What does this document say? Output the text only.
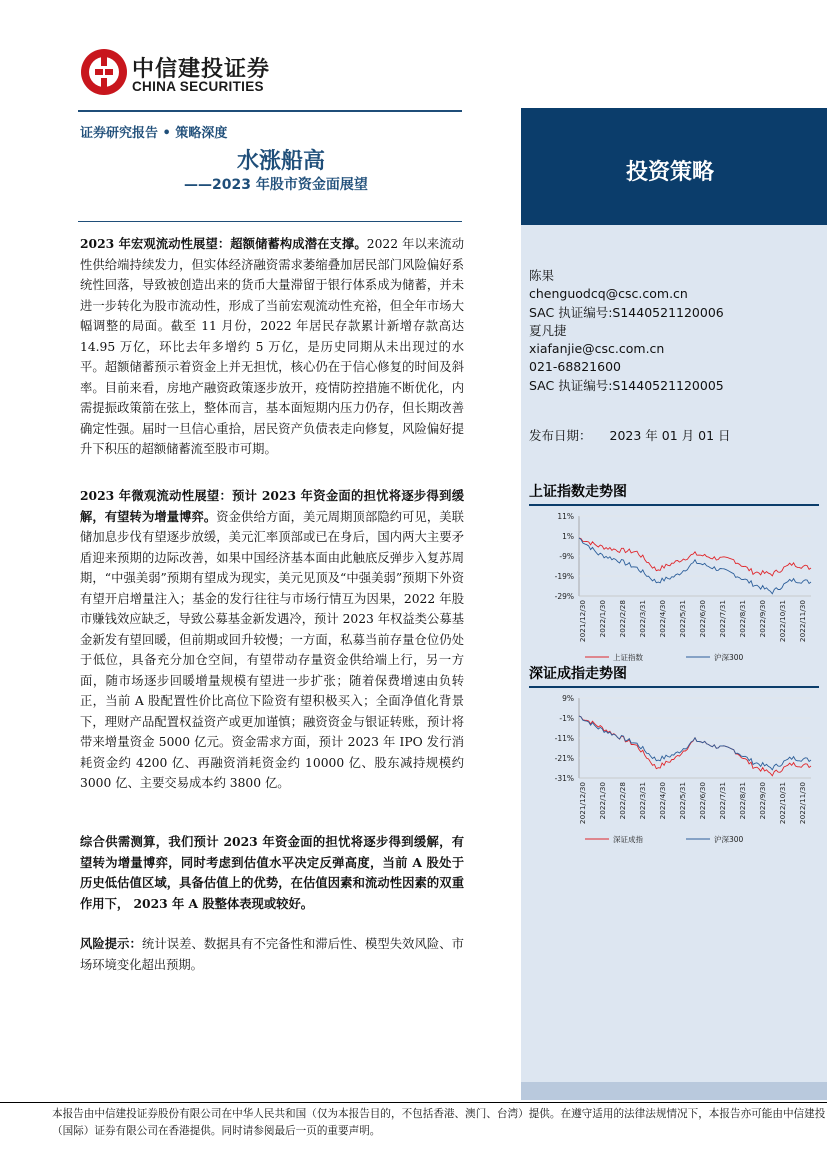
中信建投证券
CHINA SECURITIES
证券研究报告 • 策略深度
水涨船高
——2023 年股市资金面展望	投资策略
陈果
chenguodcq@csc.com.cn
SAC 执证编号:S1440521120006
夏凡捷
xiafanjie@csc.com.cn
021-68821600
SAC 执证编号:S1440521120005
发布日期： 2023 年 01 月 01 日
上证指数走势图
11%
1%
-9%
-19%
-29%
2021/12/30 2022/1/30 2022/2/28 2022/3/31 2022/4/30 2022/5/31 2022/6/30 2022/7/31 2022/8/31 2022/9/30 2022/10/31 2022/11/30
上证指数	沪深300
深证成指走势图
9%
-1%
-11%
-21%
-31%
2021/12/30 2022/1/30 2022/2/28 2022/3/31 2022/4/30 2022/5/31 2022/6/30 2022/7/31 2022/8/31 2022/9/30 2022/10/31 2022/11/30
深证成指	沪深300
2023 年宏观流动性展望：超额储蓄构成潜在支撑。2022 年以来流动性供给端持续发力，但实体经济融资需求萎缩叠加居民部门风险偏好系统性回落，导致被创造出来的货币大量滞留于银行体系成为储蓄，并未进一步转化为股市流动性，形成了当前宏观流动性充裕，但全年市场大幅调整的局面。截至 11 月份，2022 年居民存款累计新增存款高达 14.95 万亿，环比去年多增约 5 万亿，是历史同期从未出现过的水平。超额储蓄预示着资金上并无担忧，核心仍在于信心修复的时间及斜率。目前来看，房地产融资政策逐步放开，疫情防控措施不断优化，内需提振政策箭在弦上，整体而言，基本面短期内压力仍存，但长期改善确定性强。届时一旦信心重拾，居民资产负债表走向修复，风险偏好提升下积压的超额储蓄流至股市可期。
2023 年微观流动性展望：预计 2023 年资金面的担忧将逐步得到缓解，有望转为增量博弈。资金供给方面，美元周期顶部隐约可见，美联储加息步伐有望逐步放缓，美元汇率顶部或已在身后，国内两大主要矛盾迎来预期的边际改善，如果中国经济基本面由此触底反弹步入复苏周期，“中强美弱”预期有望成为现实，美元见顶及“中强美弱”预期下外资有望开启增量注入；基金的发行往往与市场行情互为因果，2022 年股市赚钱效应缺乏，导致公募基金新发遇冷，预计 2023 年权益类公募基金新发有望回暖，但前期或回升较慢；一方面，私募当前存量仓位仍处于低位，具备充分加仓空间，有望带动存量资金供给端上行，另一方面，随市场逐步回暖增量规模有望进一步扩张；随着保费增速由负转正，当前 A 股配置性价比高位下险资有望积极买入；全面净值化背景下，理财产品配置权益资产或更加谨慎；融资资金与银证转账，预计将带来增量资金 5000 亿元。资金需求方面，预计 2023 年 IPO 发行消耗资金约 4200 亿、再融资消耗资金约 10000 亿、股东减持规模约 3000 亿、主要交易成本约 3800 亿。
综合供需测算，我们预计 2023 年资金面的担忧将逐步得到缓解，有望转为增量博弈，同时考虑到估值水平决定反弹高度，当前 A 股处于历史低估值区域，具备估值上的优势，在估值因素和流动性因素的双重作用下， 2023 年 A 股整体表现或较好。
风险提示：统计误差、数据具有不完备性和滞后性、模型失效风险、市场环境变化超出预期。
本报告由中信建投证券股份有限公司在中华人民共和国（仅为本报告目的，不包括香港、澳门、台湾）提供。在遵守适用的法律法规情况下，本报告亦可能由中信建投（国际）证券有限公司在香港提供。同时请参阅最后一页的重要声明。
